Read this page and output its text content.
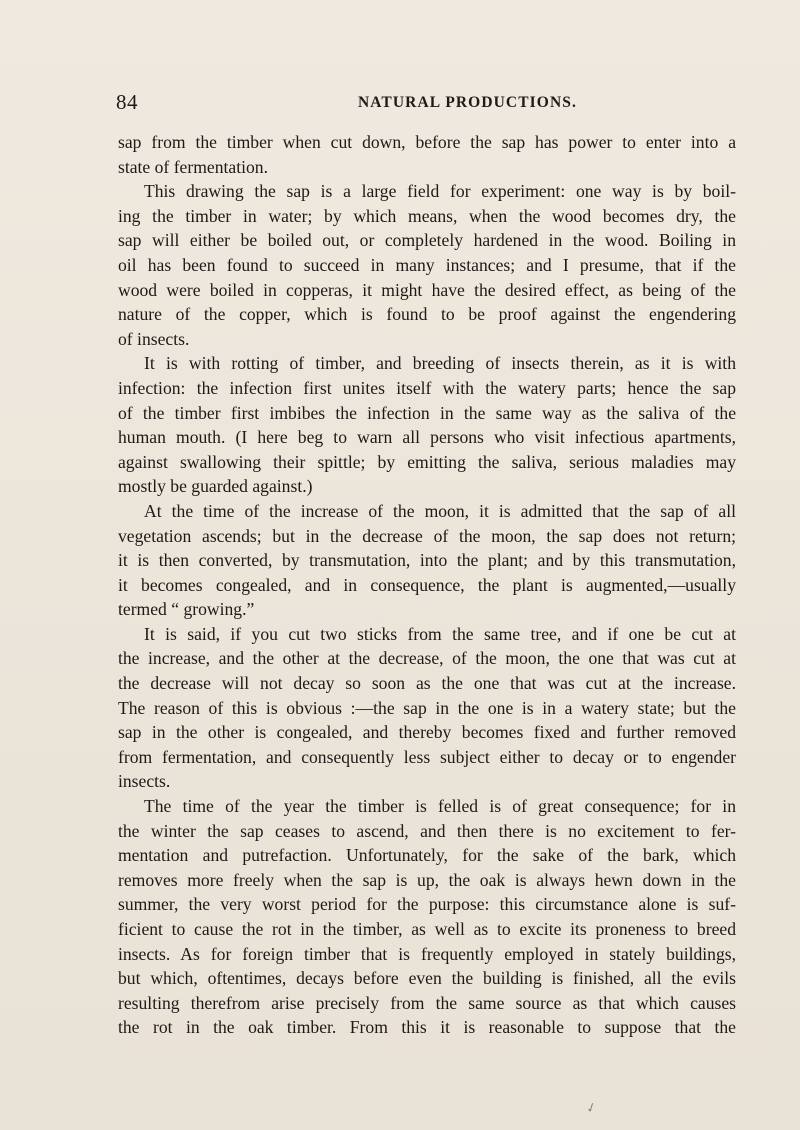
84	NATURAL PRODUCTIONS.
sap from the timber when cut down, before the sap has power to enter into a
state of fermentation.
This drawing the sap is a large field for experiment: one way is by boil-
ing the timber in water; by which means, when the wood becomes dry, the
sap will either be boiled out, or completely hardened in the wood. Boiling in
oil has been found to succeed in many instances; and I presume, that if the
wood were boiled in copperas, it might have the desired effect, as being of the
nature of the copper, which is found to be proof against the engendering
of insects.
It is with rotting of timber, and breeding of insects therein, as it is with
infection: the infection first unites itself with the watery parts; hence the sap
of the timber first imbibes the infection in the same way as the saliva of the
human mouth. (I here beg to warn all persons who visit infectious apartments,
against swallowing their spittle; by emitting the saliva, serious maladies may
mostly be guarded against.)
At the time of the increase of the moon, it is admitted that the sap of all
vegetation ascends; but in the decrease of the moon, the sap does not return;
it is then converted, by transmutation, into the plant; and by this transmutation,
it becomes congealed, and in consequence, the plant is augmented,—usually
termed “ growing.”
It is said, if you cut two sticks from the same tree, and if one be cut at
the increase, and the other at the decrease, of the moon, the one that was cut at
the decrease will not decay so soon as the one that was cut at the increase.
The reason of this is obvious :—the sap in the one is in a watery state; but the
sap in the other is congealed, and thereby becomes fixed and further removed
from fermentation, and consequently less subject either to decay or to engender
insects.
The time of the year the timber is felled is of great consequence; for in
the winter the sap ceases to ascend, and then there is no excitement to fer-
mentation and putrefaction. Unfortunately, for the sake of the bark, which
removes more freely when the sap is up, the oak is always hewn down in the
summer, the very worst period for the purpose: this circumstance alone is suf-
ficient to cause the rot in the timber, as well as to excite its proneness to breed
insects. As for foreign timber that is frequently employed in stately buildings,
but which, oftentimes, decays before even the building is finished, all the evils
resulting therefrom arise precisely from the same source as that which causes
the rot in the oak timber. From this it is reasonable to suppose that the
✓
